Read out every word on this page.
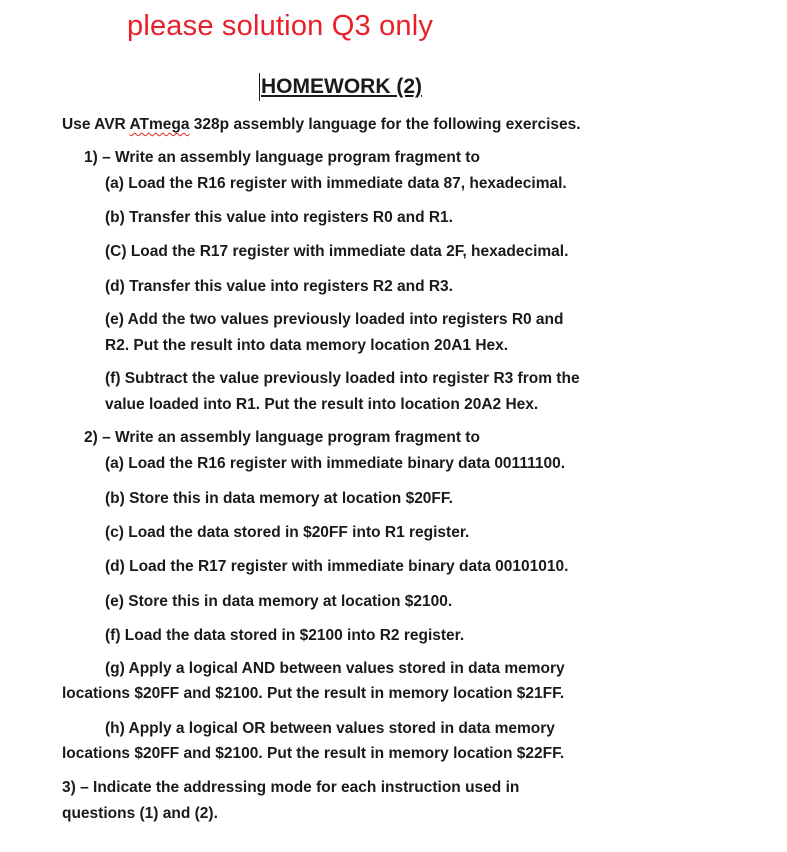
please solution Q3 only
HOMEWORK (2)
Use AVR ATmega 328p assembly language for the following exercises.
1) – Write an assembly language program fragment to
(a) Load the R16 register with immediate data 87, hexadecimal.
(b) Transfer this value into registers R0 and R1.
(C) Load the R17 register with immediate data 2F, hexadecimal.
(d) Transfer this value into registers R2 and R3.
(e) Add the two values previously loaded into registers R0 and
R2. Put the result into data memory location 20A1 Hex.
(f) Subtract the value previously loaded into register R3 from the
value loaded into R1. Put the result into location 20A2 Hex.
2) – Write an assembly language program fragment to
(a) Load the R16 register with immediate binary data 00111100.
(b) Store this in data memory at location $20FF.
(c) Load the data stored in $20FF into R1 register.
(d) Load the R17 register with immediate binary data 00101010.
(e) Store this in data memory at location $2100.
(f) Load the data stored in $2100 into R2 register.
(g) Apply a logical AND between values stored in data memory
locations $20FF and $2100. Put the result in memory location $21FF.
(h) Apply a logical OR between values stored in data memory
locations $20FF and $2100. Put the result in memory location $22FF.
3) – Indicate the addressing mode for each instruction used in
questions (1) and (2).
